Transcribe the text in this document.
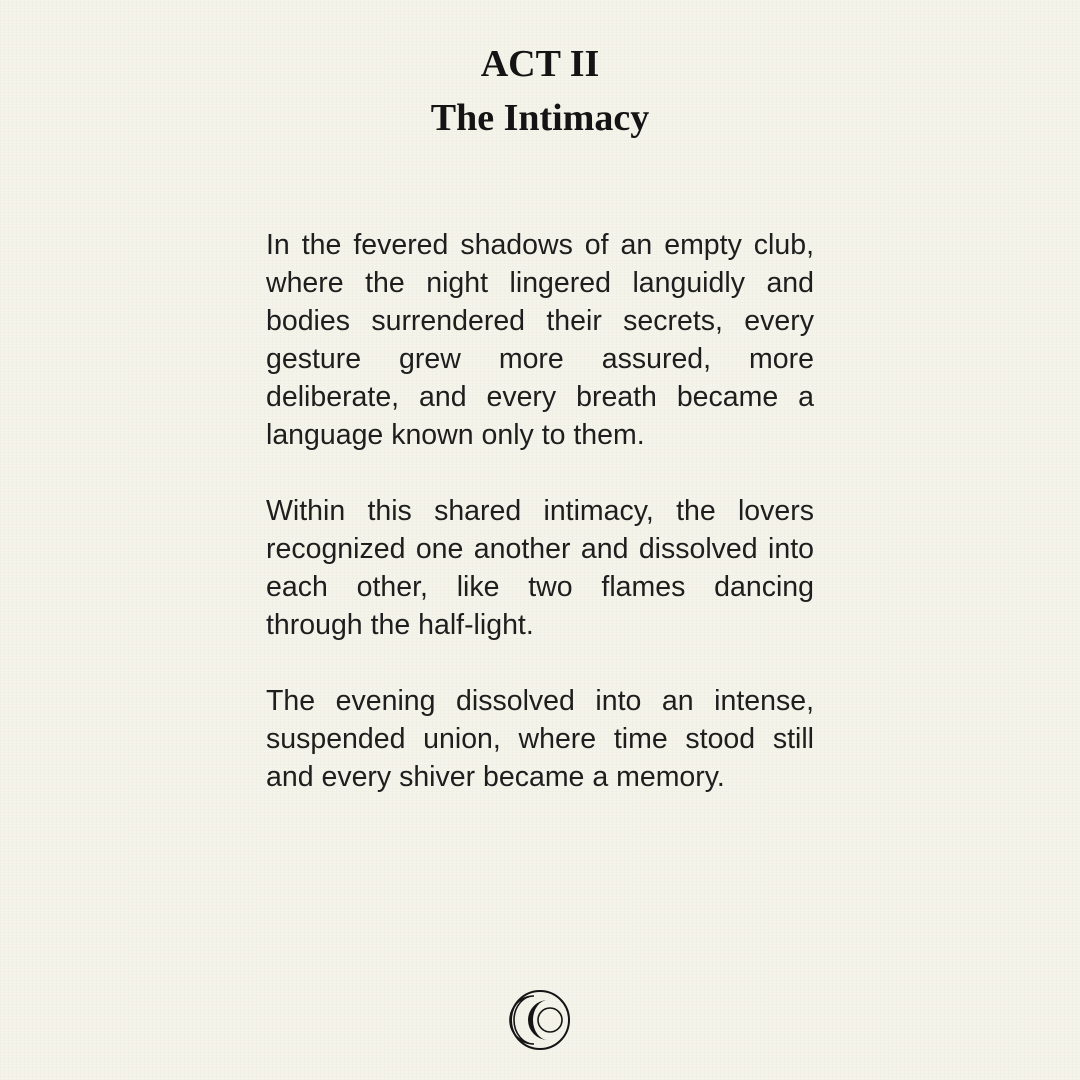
ACT II
The Intimacy

In the fevered shadows of an empty club, where the night lingered languidly and bodies surrendered their secrets, every gesture grew more assured, more deliberate, and every breath became a language known only to them.

Within this shared intimacy, the lovers recognized one another and dissolved into each other, like two flames dancing through the half-light.

The evening dissolved into an intense, suspended union, where time stood still and every shiver became a memory.
